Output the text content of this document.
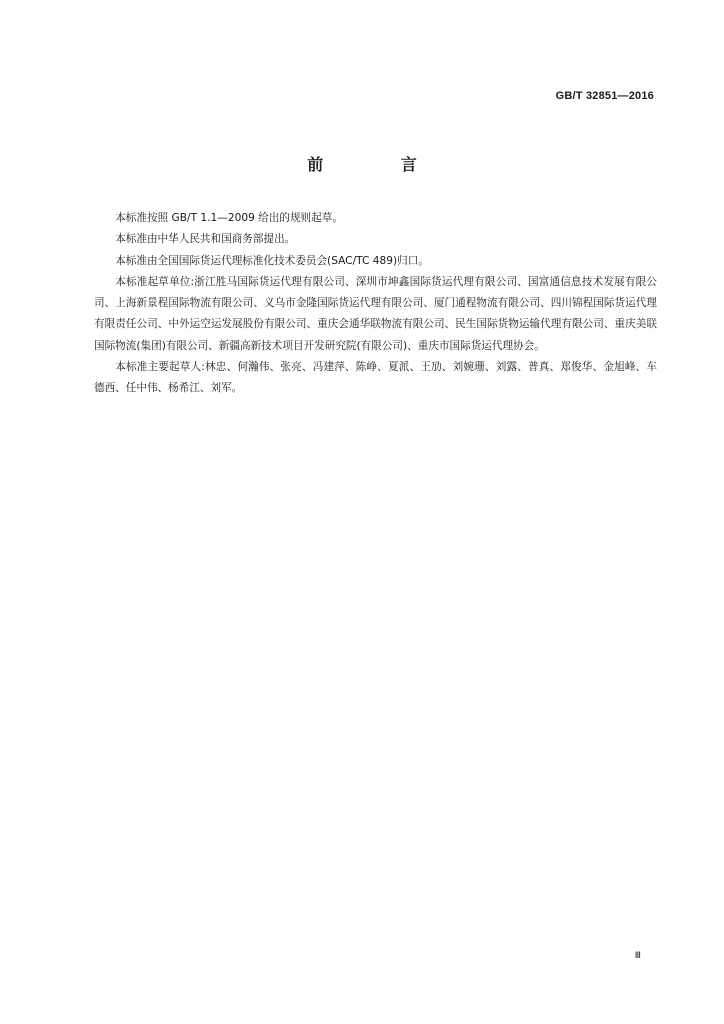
GB/T 32851—2016
前 言

本标准按照 GB/T 1.1—2009 给出的规则起草。

本标准由中华人民共和国商务部提出。

本标准由全国国际货运代理标准化技术委员会(SAC/TC 489)归口。

本标准起草单位:浙江胜马国际货运代理有限公司、深圳市坤鑫国际货运代理有限公司、国富通信息技术发展有限公司、上海新景程国际物流有限公司、义乌市金隆国际货运代理有限公司、厦门通程物流有限公司、四川锦程国际货运代理有限责任公司、中外运空运发展股份有限公司、重庆会通华联物流有限公司、民生国际货物运输代理有限公司、重庆美联国际物流(集团)有限公司、新疆高新技术项目开发研究院(有限公司)、重庆市国际货运代理协会。

本标准主要起草人:林忠、何瀚伟、张亮、冯建萍、陈峥、夏派、王劢、刘婉珊、刘露、普真、郑俊华、金旭峰、车德西、任中伟、杨希江、刘军。

Ⅲ
